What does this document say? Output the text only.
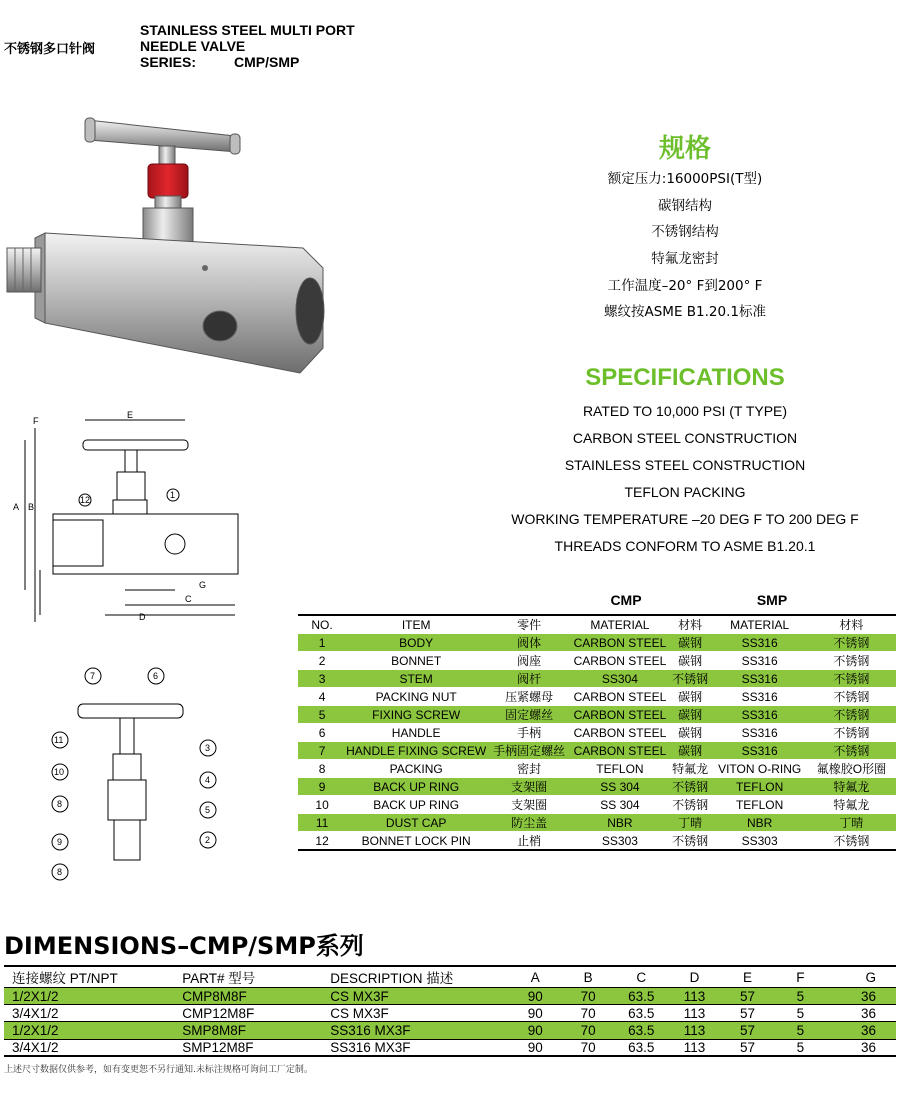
不锈钢多口针阀
STAINLESS STEEL MULTI PORT
NEEDLE VALVE
SERIES:	CMP/SMP
F
E
A B
C
D
G
12	1
7	6
11
3
10
4
8
5
9	2
8
规格
额定压力:16000PSI(T型)
碳钢结构
不锈钢结构
特氟龙密封
工作温度–20° F到200° F
螺纹按ASME B1.20.1标准
SPECIFICATIONS
RATED TO 10,000 PSI (T TYPE)
CARBON STEEL CONSTRUCTION
STAINLESS STEEL CONSTRUCTION
TEFLON PACKING
WORKING TEMPERATURE –20 DEG F TO 200 DEG F
THREADS CONFORM TO ASME B1.20.1
CMP	SMP
NO.	ITEM	零件	MATERIAL	材料	MATERIAL	材料
1	BODY	阀体	CARBON STEEL	碳钢	SS316	不锈钢
2	BONNET	阀座	CARBON STEEL	碳钢	SS316	不锈钢
3	STEM	阀杆	SS304	不锈钢	SS316	不锈钢
4	PACKING NUT	压紧螺母	CARBON STEEL	碳钢	SS316	不锈钢
5	FIXING SCREW	固定螺丝	CARBON STEEL	碳钢	SS316	不锈钢
6	HANDLE	手柄	CARBON STEEL	碳钢	SS316	不锈钢
7	HANDLE FIXING SCREW	手柄固定螺丝	CARBON STEEL	碳钢	SS316	不锈钢
8	PACKING	密封	TEFLON	特氟龙	VITON O-RING	氟橡胶O形圈
9	BACK UP RING	支架圈	SS 304	不锈钢	TEFLON	特氟龙
10	BACK UP RING	支架圈	SS 304	不锈钢	TEFLON	特氟龙
11	DUST CAP	防尘盖	NBR	丁晴	NBR	丁晴
12	BONNET LOCK PIN	止梢	SS303	不锈钢	SS303	不锈钢
DIMENSIONS–CMP/SMP系列
连接螺纹 PT/NPT	PART# 型号	DESCRIPTION 描述	A	B	C	D	E	F	G
1/2X1/2	CMP8M8F	CS MX3F	90	70	63.5	113	57	5	36
3/4X1/2	CMP12M8F	CS MX3F	90	70	63.5	113	57	5	36
1/2X1/2	SMP8M8F	SS316 MX3F	90	70	63.5	113	57	5	36
3/4X1/2	SMP12M8F	SS316 MX3F	90	70	63.5	113	57	5	36
上述尺寸数据仅供参考，如有变更恕不另行通知.未标注规格可询问工厂定制。
